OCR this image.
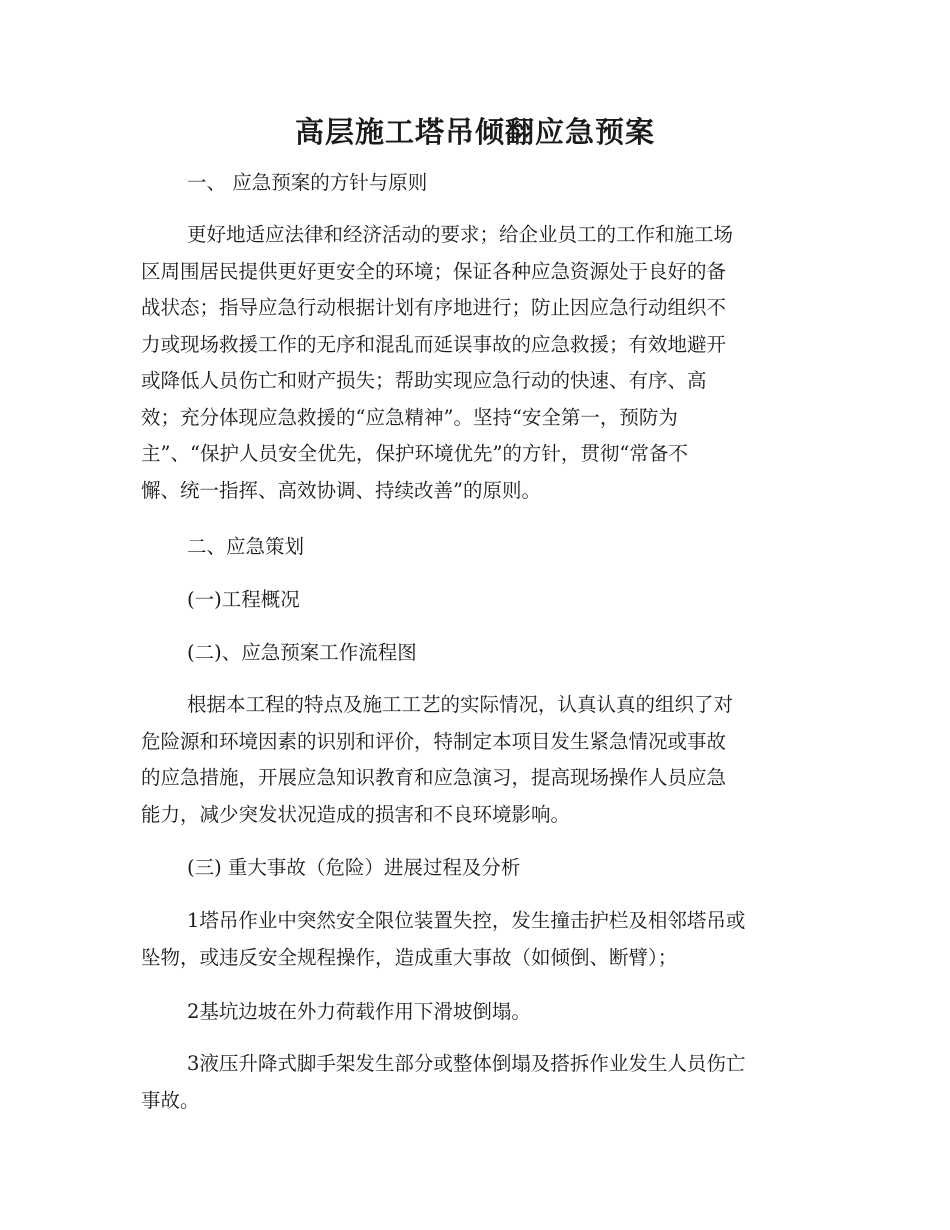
高层施工塔吊倾翻应急预案

一、 应急预案的方针与原则

更好地适应法律和经济活动的要求；给企业员工的工作和施工场
区周围居民提供更好更安全的环境；保证各种应急资源处于良好的备
战状态；指导应急行动根据计划有序地进行；防止因应急行动组织不
力或现场救援工作的无序和混乱而延误事故的应急救援；有效地避开
或降低人员伤亡和财产损失；帮助实现应急行动的快速、有序、高
效；充分体现应急救援的“应急精神”。坚持“安全第一，预防为
主”、“保护人员安全优先，保护环境优先”的方针，贯彻“常备不
懈、统一指挥、高效协调、持续改善”的原则。

二、应急策划

(一)工程概况

(二)、应急预案工作流程图

根据本工程的特点及施工工艺的实际情况，认真认真的组织了对
危险源和环境因素的识别和评价，特制定本项目发生紧急情况或事故
的应急措施，开展应急知识教育和应急演习，提高现场操作人员应急
能力，减少突发状况造成的损害和不良环境影响。

(三) 重大事故（危险）进展过程及分析

1塔吊作业中突然安全限位装置失控，发生撞击护栏及相邻塔吊或
坠物，或违反安全规程操作，造成重大事故（如倾倒、断臂）；
2基坑边坡在外力荷载作用下滑坡倒塌。
3液压升降式脚手架发生部分或整体倒塌及搭拆作业发生人员伤亡
事故。
